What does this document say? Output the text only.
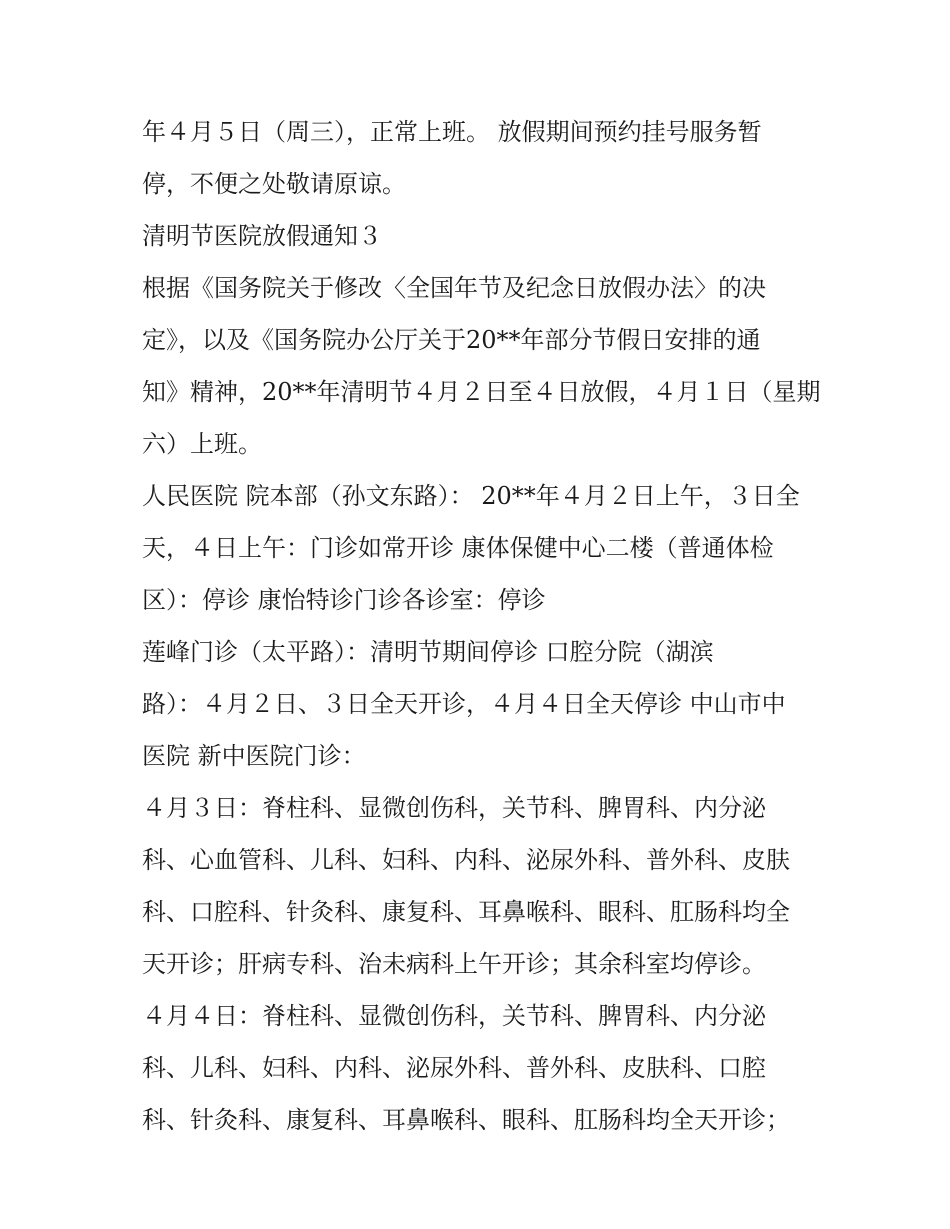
年４月５日（周三），正常上班。 放假期间预约挂号服务暂
停，不便之处敬请原谅。
清明节医院放假通知３
根据《国务院关于修改〈全国年节及纪念日放假办法〉的决
定》，以及《国务院办公厅关于20**年部分节假日安排的通
知》精神，20**年清明节４月２日至４日放假，４月１日（星期
六）上班。
人民医院 院本部（孙文东路）： 20**年４月２日上午，３日全
天，４日上午：门诊如常开诊 康体保健中心二楼（普通体检
区）：停诊 康怡特诊门诊各诊室：停诊
莲峰门诊（太平路）：清明节期间停诊 口腔分院（湖滨
路）：４月２日、３日全天开诊，４月４日全天停诊 中山市中
医院 新中医院门诊：
４月３日：脊柱科、显微创伤科，关节科、脾胃科、内分泌
科、心血管科、儿科、妇科、内科、泌尿外科、普外科、皮肤
科、口腔科、针灸科、康复科、耳鼻喉科、眼科、肛肠科均全
天开诊；肝病专科、治未病科上午开诊；其余科室均停诊。
４月４日：脊柱科、显微创伤科，关节科、脾胃科、内分泌
科、儿科、妇科、内科、泌尿外科、普外科、皮肤科、口腔
科、针灸科、康复科、耳鼻喉科、眼科、肛肠科均全天开诊；
